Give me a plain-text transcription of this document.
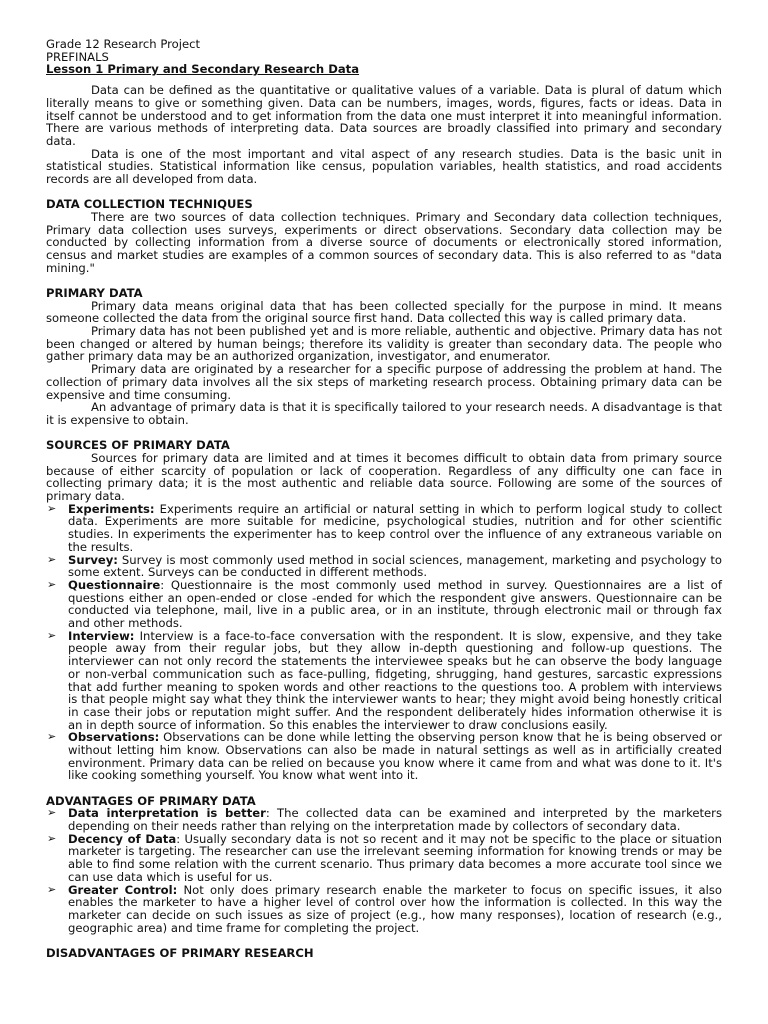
Grade 12 Research Project
PREFINALS
Lesson 1 Primary and Secondary Research Data

Data can be defined as the quantitative or qualitative values of a variable. Data is plural of datum which literally means to give or something given. Data can be numbers, images, words, figures, facts or ideas. Data in itself cannot be understood and to get information from the data one must interpret it into meaningful information. There are various methods of interpreting data. Data sources are broadly classified into primary and secondary data.

Data is one of the most important and vital aspect of any research studies. Data is the basic unit in statistical studies. Statistical information like census, population variables, health statistics, and road accidents records are all developed from data.

DATA COLLECTION TECHNIQUES

There are two sources of data collection techniques. Primary and Secondary data collection techniques, Primary data collection uses surveys, experiments or direct observations. Secondary data collection may be conducted by collecting information from a diverse source of documents or electronically stored information, census and market studies are examples of a common sources of secondary data. This is also referred to as "data mining."

PRIMARY DATA

Primary data means original data that has been collected specially for the purpose in mind. It means someone collected the data from the original source first hand. Data collected this way is called primary data.

Primary data has not been published yet and is more reliable, authentic and objective. Primary data has not been changed or altered by human beings; therefore its validity is greater than secondary data. The people who gather primary data may be an authorized organization, investigator, and enumerator.

Primary data are originated by a researcher for a specific purpose of addressing the problem at hand. The collection of primary data involves all the six steps of marketing research process. Obtaining primary data can be expensive and time consuming.

An advantage of primary data is that it is specifically tailored to your research needs. A disadvantage is that it is expensive to obtain.

SOURCES OF PRIMARY DATA

Sources for primary data are limited and at times it becomes difficult to obtain data from primary source because of either scarcity of population or lack of cooperation. Regardless of any difficulty one can face in collecting primary data; it is the most authentic and reliable data source. Following are some of the sources of primary data.

➢	Experiments: Experiments require an artificial or natural setting in which to perform logical study to collect data. Experiments are more suitable for medicine, psychological studies, nutrition and for other scientific studies. In experiments the experimenter has to keep control over the influence of any extraneous variable on the results.
➢	Survey: Survey is most commonly used method in social sciences, management, marketing and psychology to some extent. Surveys can be conducted in different methods.
➢	Questionnaire: Questionnaire is the most commonly used method in survey. Questionnaires are a list of questions either an open-ended or close -ended for which the respondent give answers. Questionnaire can be conducted via telephone, mail, live in a public area, or in an institute, through electronic mail or through fax and other methods.
➢	Interview: Interview is a face-to-face conversation with the respondent. It is slow, expensive, and they take people away from their regular jobs, but they allow in-depth questioning and follow-up questions. The interviewer can not only record the statements the interviewee speaks but he can observe the body language or non-verbal communication such as face-pulling, fidgeting, shrugging, hand gestures, sarcastic expressions that add further meaning to spoken words and other reactions to the questions too. A problem with interviews is that people might say what they think the interviewer wants to hear; they might avoid being honestly critical in case their jobs or reputation might suffer. And the respondent deliberately hides information otherwise it is an in depth source of information. So this enables the interviewer to draw conclusions easily.
➢	Observations: Observations can be done while letting the observing person know that he is being observed or without letting him know. Observations can also be made in natural settings as well as in artificially created environment. Primary data can be relied on because you know where it came from and what was done to it. It's like cooking something yourself. You know what went into it.
ADVANTAGES OF PRIMARY DATA
➢	Data interpretation is better: The collected data can be examined and interpreted by the marketers depending on their needs rather than relying on the interpretation made by collectors of secondary data.
➢	Decency of Data: Usually secondary data is not so recent and it may not be specific to the place or situation marketer is targeting. The researcher can use the irrelevant seeming information for knowing trends or may be able to find some relation with the current scenario. Thus primary data becomes a more accurate tool since we can use data which is useful for us.
➢	Greater Control: Not only does primary research enable the marketer to focus on specific issues, it also enables the marketer to have a higher level of control over how the information is collected. In this way the marketer can decide on such issues as size of project (e.g., how many responses), location of research (e.g., geographic area) and time frame for completing the project.
DISADVANTAGES OF PRIMARY RESEARCH
